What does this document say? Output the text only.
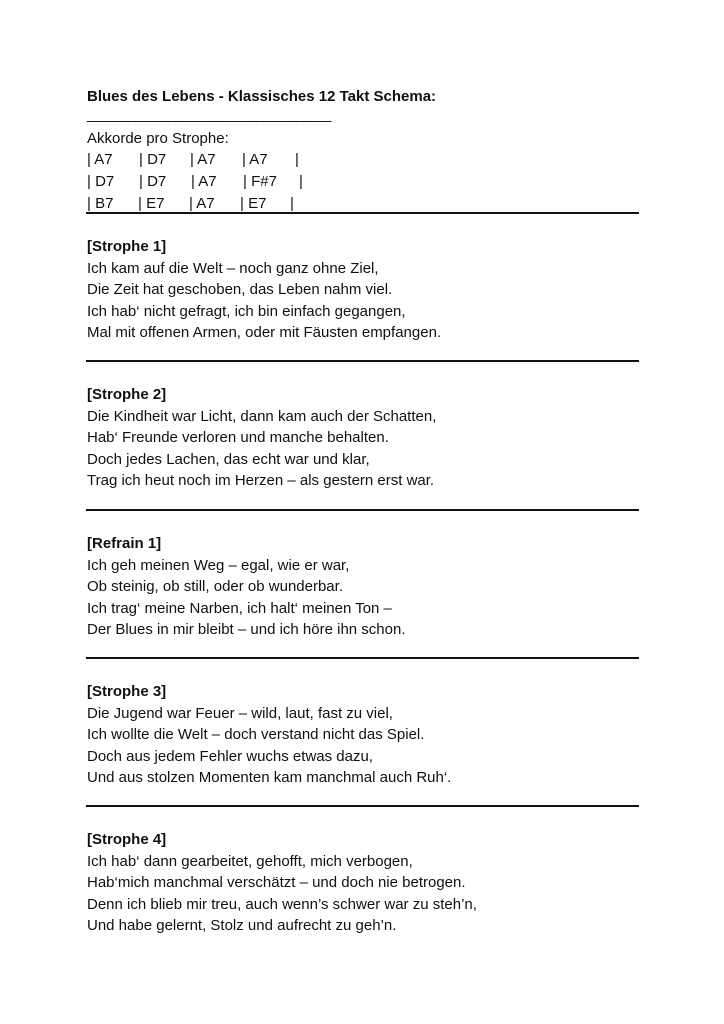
Blues des Lebens - Klassisches 12 Takt Schema:
____________________________________
Akkorde pro Strophe:
| A7 | D7 | A7 | A7 |
| D7 | D7 | A7 | F#7 |
| B7 | E7 | A7 | E7 |
[Strophe 1]
Ich kam auf die Welt – noch ganz ohne Ziel,
Die Zeit hat geschoben, das Leben nahm viel.
Ich hab‘ nicht gefragt, ich bin einfach gegangen,
Mal mit offenen Armen, oder mit Fäusten empfangen.
[Strophe 2]
Die Kindheit war Licht, dann kam auch der Schatten,
Hab‘ Freunde verloren und manche behalten.
Doch jedes Lachen, das echt war und klar,
Trag ich heut noch im Herzen – als gestern erst war.
[Refrain 1]
Ich geh meinen Weg – egal, wie er war,
Ob steinig, ob still, oder ob wunderbar.
Ich trag‘ meine Narben, ich halt‘ meinen Ton –
Der Blues in mir bleibt – und ich höre ihn schon.
[Strophe 3]
Die Jugend war Feuer – wild, laut, fast zu viel,
Ich wollte die Welt – doch verstand nicht das Spiel.
Doch aus jedem Fehler wuchs etwas dazu,
Und aus stolzen Momenten kam manchmal auch Ruh‘.
[Strophe 4]
Ich hab‘ dann gearbeitet, gehofft, mich verbogen,
Hab‘mich manchmal verschätzt – und doch nie betrogen.
Denn ich blieb mir treu, auch wenn’s schwer war zu steh’n,
Und habe gelernt, Stolz und aufrecht zu geh’n.
